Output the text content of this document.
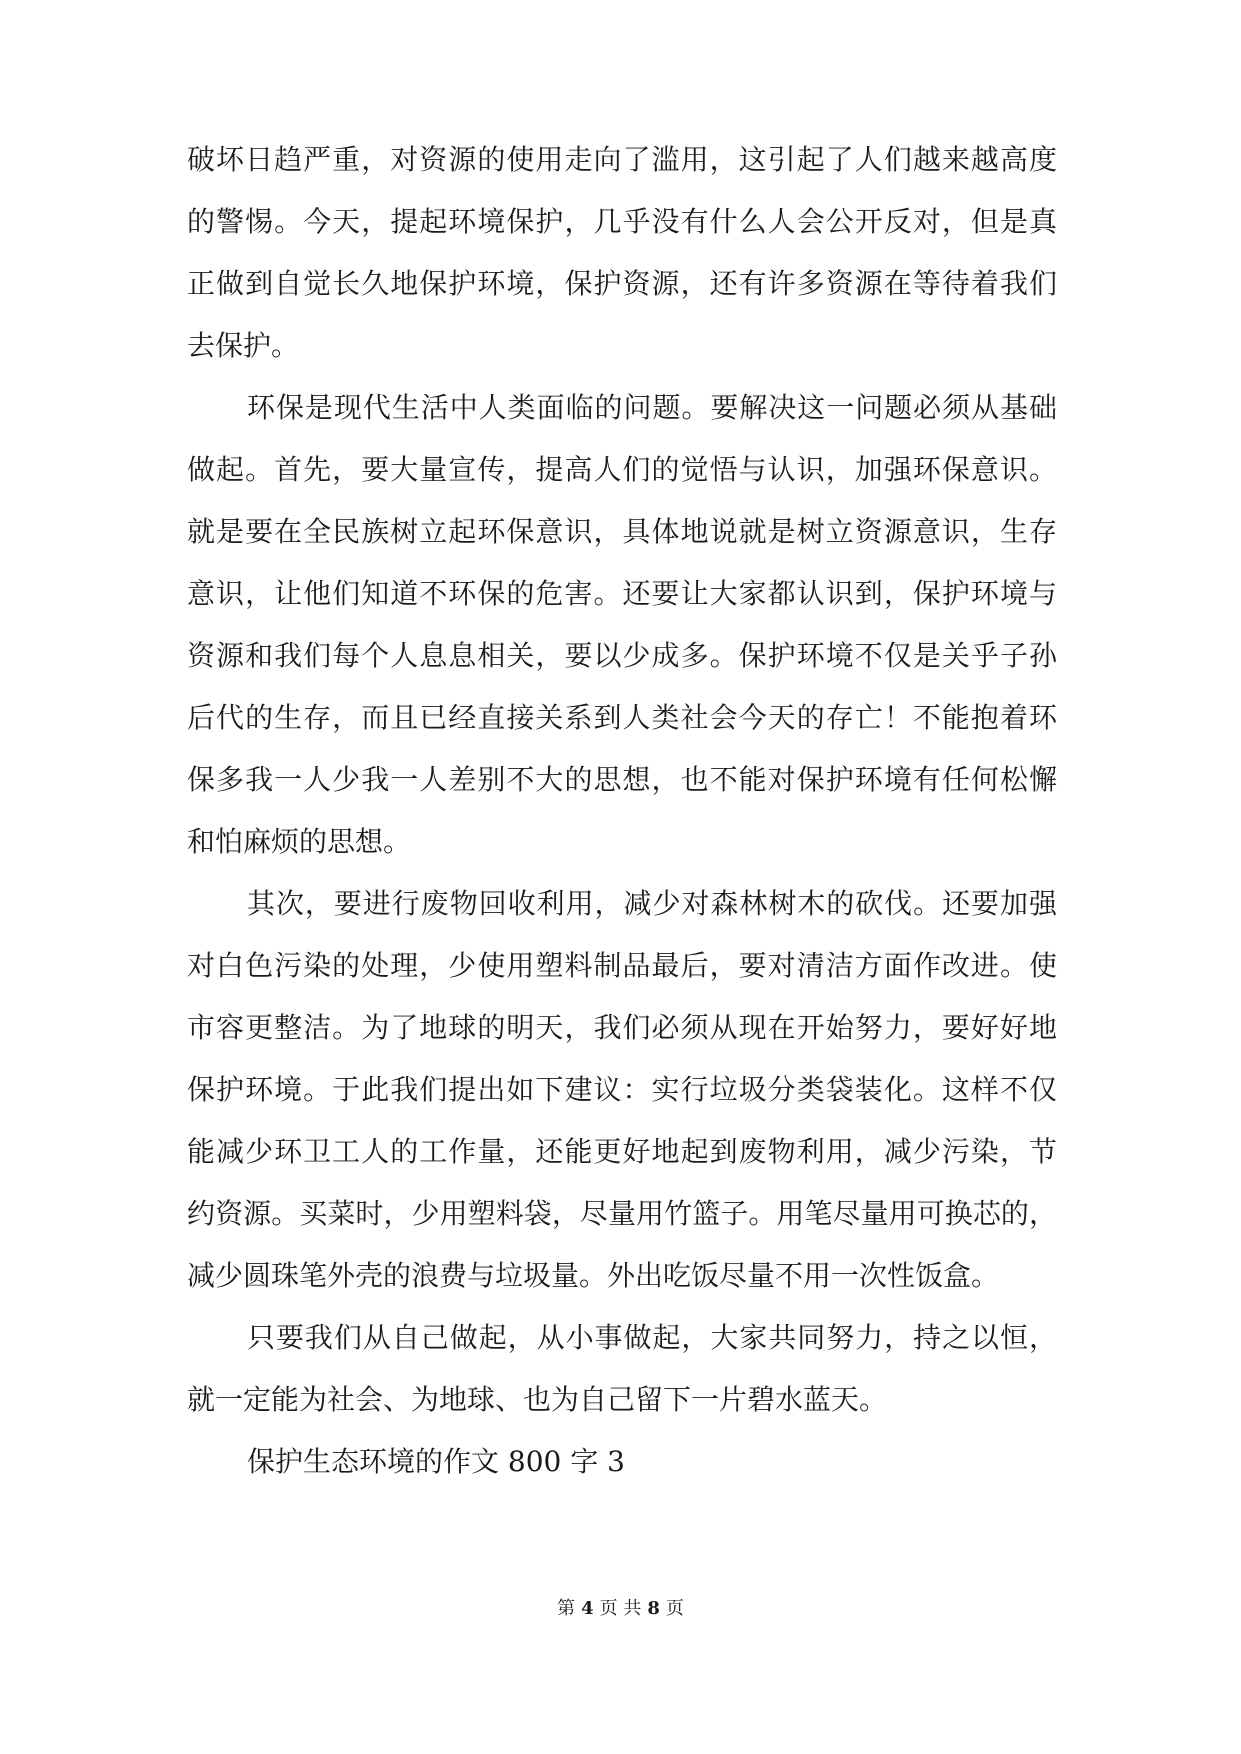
破坏日趋严重，对资源的使用走向了滥用，这引起了人们越来越高度
的警惕。今天，提起环境保护，几乎没有什么人会公开反对，但是真
正做到自觉长久地保护环境，保护资源，还有许多资源在等待着我们
去保护。
环保是现代生活中人类面临的问题。要解决这一问题必须从基础
做起。首先，要大量宣传，提高人们的觉悟与认识，加强环保意识。
就是要在全民族树立起环保意识，具体地说就是树立资源意识，生存
意识，让他们知道不环保的危害。还要让大家都认识到，保护环境与
资源和我们每个人息息相关，要以少成多。保护环境不仅是关乎子孙
后代的生存，而且已经直接关系到人类社会今天的存亡！不能抱着环
保多我一人少我一人差别不大的思想，也不能对保护环境有任何松懈
和怕麻烦的思想。
其次，要进行废物回收利用，减少对森林树木的砍伐。还要加强
对白色污染的处理，少使用塑料制品最后，要对清洁方面作改进。使
市容更整洁。为了地球的明天，我们必须从现在开始努力，要好好地
保护环境。于此我们提出如下建议：实行垃圾分类袋装化。这样不仅
能减少环卫工人的工作量，还能更好地起到废物利用，减少污染，节
约资源。买菜时，少用塑料袋，尽量用竹篮子。用笔尽量用可换芯的，
减少圆珠笔外壳的浪费与垃圾量。外出吃饭尽量不用一次性饭盒。
只要我们从自己做起，从小事做起，大家共同努力，持之以恒，
就一定能为社会、为地球、也为自己留下一片碧水蓝天。
保护生态环境的作文 800 字 3
第 4 页 共 8 页
